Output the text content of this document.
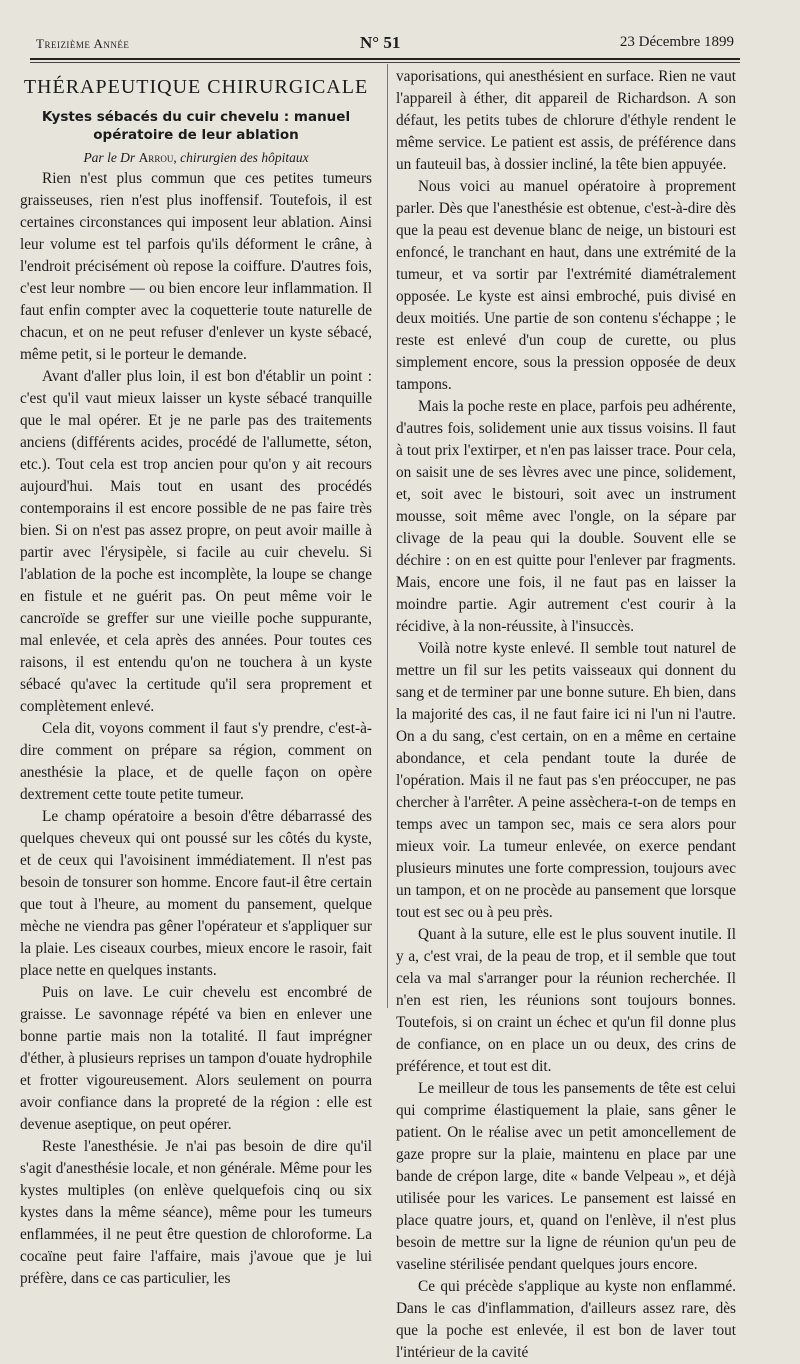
Treizième Année	N° 51	23 Décembre 1899

THÉRAPEUTIQUE CHIRURGICALE

Kystes sébacés du cuir chevelu : manuel opératoire de leur ablation

Par le Dr Arrou, chirurgien des hôpitaux

Rien n'est plus commun que ces petites tumeurs graisseuses, rien n'est plus inoffensif. Toutefois, il est certaines circonstances qui imposent leur ablation. Ainsi leur volume est tel parfois qu'ils déforment le crâne, à l'endroit précisément où repose la coiffure. D'autres fois, c'est leur nombre — ou bien encore leur inflammation. Il faut enfin compter avec la coquetterie toute naturelle de chacun, et on ne peut refuser d'enlever un kyste sébacé, même petit, si le porteur le demande.

Avant d'aller plus loin, il est bon d'établir un point : c'est qu'il vaut mieux laisser un kyste sébacé tranquille que le mal opérer. Et je ne parle pas des traitements anciens (différents acides, procédé de l'allumette, séton, etc.). Tout cela est trop ancien pour qu'on y ait recours aujourd'hui. Mais tout en usant des procédés contemporains il est encore possible de ne pas faire très bien. Si on n'est pas assez propre, on peut avoir maille à partir avec l'érysipèle, si facile au cuir chevelu. Si l'ablation de la poche est incomplète, la loupe se change en fistule et ne guérit pas. On peut même voir le cancroïde se greffer sur une vieille poche suppurante, mal enlevée, et cela après des années. Pour toutes ces raisons, il est entendu qu'on ne touchera à un kyste sébacé qu'avec la certitude qu'il sera proprement et complètement enlevé.

Cela dit, voyons comment il faut s'y prendre, c'est-à-dire comment on prépare sa région, comment on anesthésie la place, et de quelle façon on opère dextrement cette toute petite tumeur.

Le champ opératoire a besoin d'être débarrassé des quelques cheveux qui ont poussé sur les côtés du kyste, et de ceux qui l'avoisinent immédiatement. Il n'est pas besoin de tonsurer son homme. Encore faut-il être certain que tout à l'heure, au moment du pansement, quelque mèche ne viendra pas gêner l'opérateur et s'appliquer sur la plaie. Les ciseaux courbes, mieux encore le rasoir, fait place nette en quelques instants.

Puis on lave. Le cuir chevelu est encombré de graisse. Le savonnage répété va bien en enlever une bonne partie mais non la totalité. Il faut imprégner d'éther, à plusieurs reprises un tampon d'ouate hydrophile et frotter vigoureusement. Alors seulement on pourra avoir confiance dans la propreté de la région : elle est devenue aseptique, on peut opérer.

Reste l'anesthésie. Je n'ai pas besoin de dire qu'il s'agit d'anesthésie locale, et non générale. Même pour les kystes multiples (on enlève quelquefois cinq ou six kystes dans la même séance), même pour les tumeurs enflammées, il ne peut être question de chloroforme. La cocaïne peut faire l'affaire, mais j'avoue que je lui préfère, dans ce cas particulier, les

vaporisations, qui anesthésient en surface. Rien ne vaut l'appareil à éther, dit appareil de Richardson. A son défaut, les petits tubes de chlorure d'éthyle rendent le même service. Le patient est assis, de préférence dans un fauteuil bas, à dossier incliné, la tête bien appuyée.

Nous voici au manuel opératoire à proprement parler. Dès que l'anesthésie est obtenue, c'est-à-dire dès que la peau est devenue blanc de neige, un bistouri est enfoncé, le tranchant en haut, dans une extrémité de la tumeur, et va sortir par l'extrémité diamétralement opposée. Le kyste est ainsi embroché, puis divisé en deux moitiés. Une partie de son contenu s'échappe ; le reste est enlevé d'un coup de curette, ou plus simplement encore, sous la pression opposée de deux tampons.

Mais la poche reste en place, parfois peu adhérente, d'autres fois, solidement unie aux tissus voisins. Il faut à tout prix l'extirper, et n'en pas laisser trace. Pour cela, on saisit une de ses lèvres avec une pince, solidement, et, soit avec le bistouri, soit avec un instrument mousse, soit même avec l'ongle, on la sépare par clivage de la peau qui la double. Souvent elle se déchire : on en est quitte pour l'enlever par fragments. Mais, encore une fois, il ne faut pas en laisser la moindre partie. Agir autrement c'est courir à la récidive, à la non-réussite, à l'insuccès.

Voilà notre kyste enlevé. Il semble tout naturel de mettre un fil sur les petits vaisseaux qui donnent du sang et de terminer par une bonne suture. Eh bien, dans la majorité des cas, il ne faut faire ici ni l'un ni l'autre. On a du sang, c'est certain, on en a même en certaine abondance, et cela pendant toute la durée de l'opération. Mais il ne faut pas s'en préoccuper, ne pas chercher à l'arrêter. A peine assèchera-t-on de temps en temps avec un tampon sec, mais ce sera alors pour mieux voir. La tumeur enlevée, on exerce pendant plusieurs minutes une forte compression, toujours avec un tampon, et on ne procède au pansement que lorsque tout est sec ou à peu près.

Quant à la suture, elle est le plus souvent inutile. Il y a, c'est vrai, de la peau de trop, et il semble que tout cela va mal s'arranger pour la réunion recherchée. Il n'en est rien, les réunions sont toujours bonnes. Toutefois, si on craint un échec et qu'un fil donne plus de confiance, on en place un ou deux, des crins de préférence, et tout est dit.

Le meilleur de tous les pansements de tête est celui qui comprime élastiquement la plaie, sans gêner le patient. On le réalise avec un petit amoncellement de gaze propre sur la plaie, maintenu en place par une bande de crépon large, dite « bande Velpeau », et déjà utilisée pour les varices. Le pansement est laissé en place quatre jours, et, quand on l'enlève, il n'est plus besoin de mettre sur la ligne de réunion qu'un peu de vaseline stérilisée pendant quelques jours encore.

Ce qui précède s'applique au kyste non enflammé. Dans le cas d'inflammation, d'ailleurs assez rare, dès que la poche est enlevée, il est bon de laver tout l'intérieur de la cavité
